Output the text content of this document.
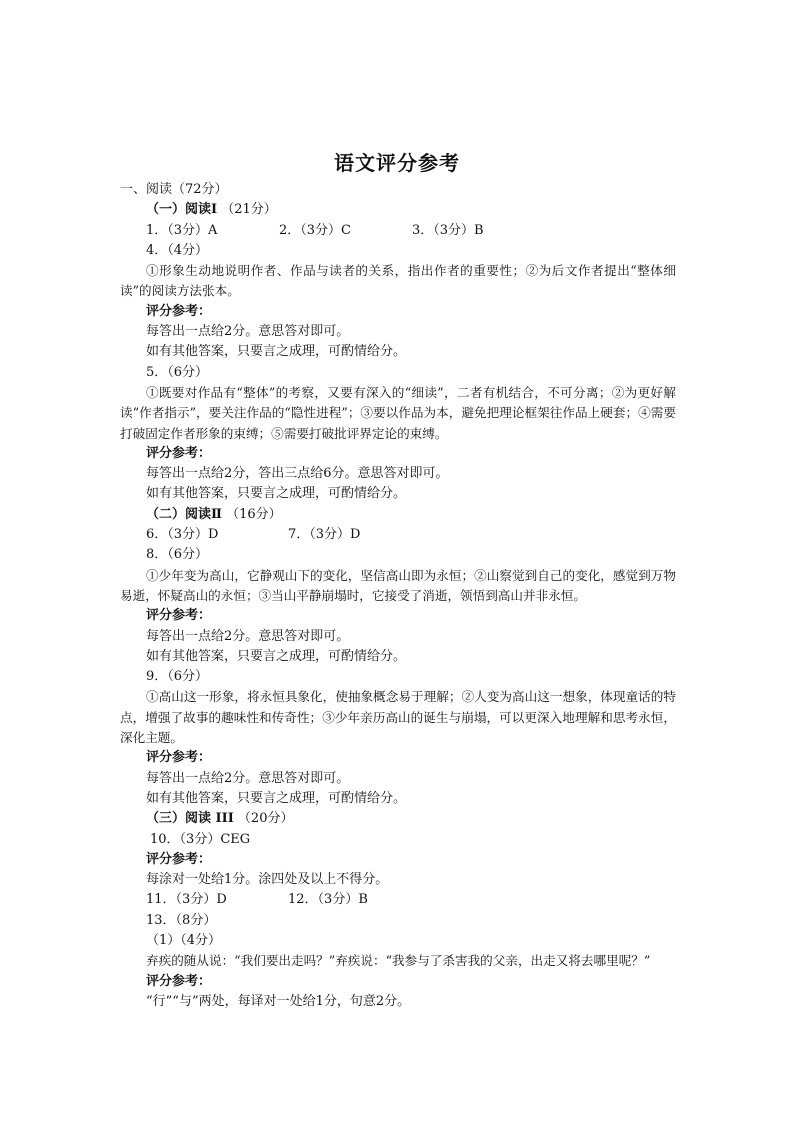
语文评分参考

一、阅读（72分）

（一）阅读Ⅰ （21分）

1．（3分）A	2．（3分）C	3．（3分）B

4．（4分）

①形象生动地说明作者、作品与读者的关系，指出作者的重要性；②为后文作者提出“整体细读”的阅读方法张本。

评分参考：

每答出一点给2分。意思答对即可。

如有其他答案，只要言之成理，可酌情给分。

5．（6分）

①既要对作品有“整体”的考察，又要有深入的“细读”，二者有机结合，不可分离；②为更好解读“作者指示”，要关注作品的“隐性进程”；③要以作品为本，避免把理论框架往作品上硬套；④需要打破固定作者形象的束缚；⑤需要打破批评界定论的束缚。

评分参考：

每答出一点给2分，答出三点给6分。意思答对即可。

如有其他答案，只要言之成理，可酌情给分。

（二）阅读Ⅱ （16分）

6．（3分）D	7．（3分）D

8．（6分）

①少年变为高山，它静观山下的变化，坚信高山即为永恒；②山察觉到自己的变化，感觉到万物易逝，怀疑高山的永恒；③当山平静崩塌时，它接受了消逝，领悟到高山并非永恒。

评分参考：

每答出一点给2分。意思答对即可。

如有其他答案，只要言之成理，可酌情给分。

9．（6分）

①高山这一形象，将永恒具象化，使抽象概念易于理解；②人变为高山这一想象，体现童话的特点，增强了故事的趣味性和传奇性；③少年亲历高山的诞生与崩塌，可以更深入地理解和思考永恒，深化主题。

评分参考：

每答出一点给2分。意思答对即可。

如有其他答案，只要言之成理，可酌情给分。

（三）阅读 III （20分）

10．（3分）CEG

评分参考：

每涂对一处给1分。涂四处及以上不得分。

11．（3分）D	12．（3分）B

13．（8分）

（1）（4分）

弃疾的随从说：“我们要出走吗？”弃疾说：“我参与了杀害我的父亲，出走又将去哪里呢？”

评分参考：

“行”“与”两处，每译对一处给1分，句意2分。
